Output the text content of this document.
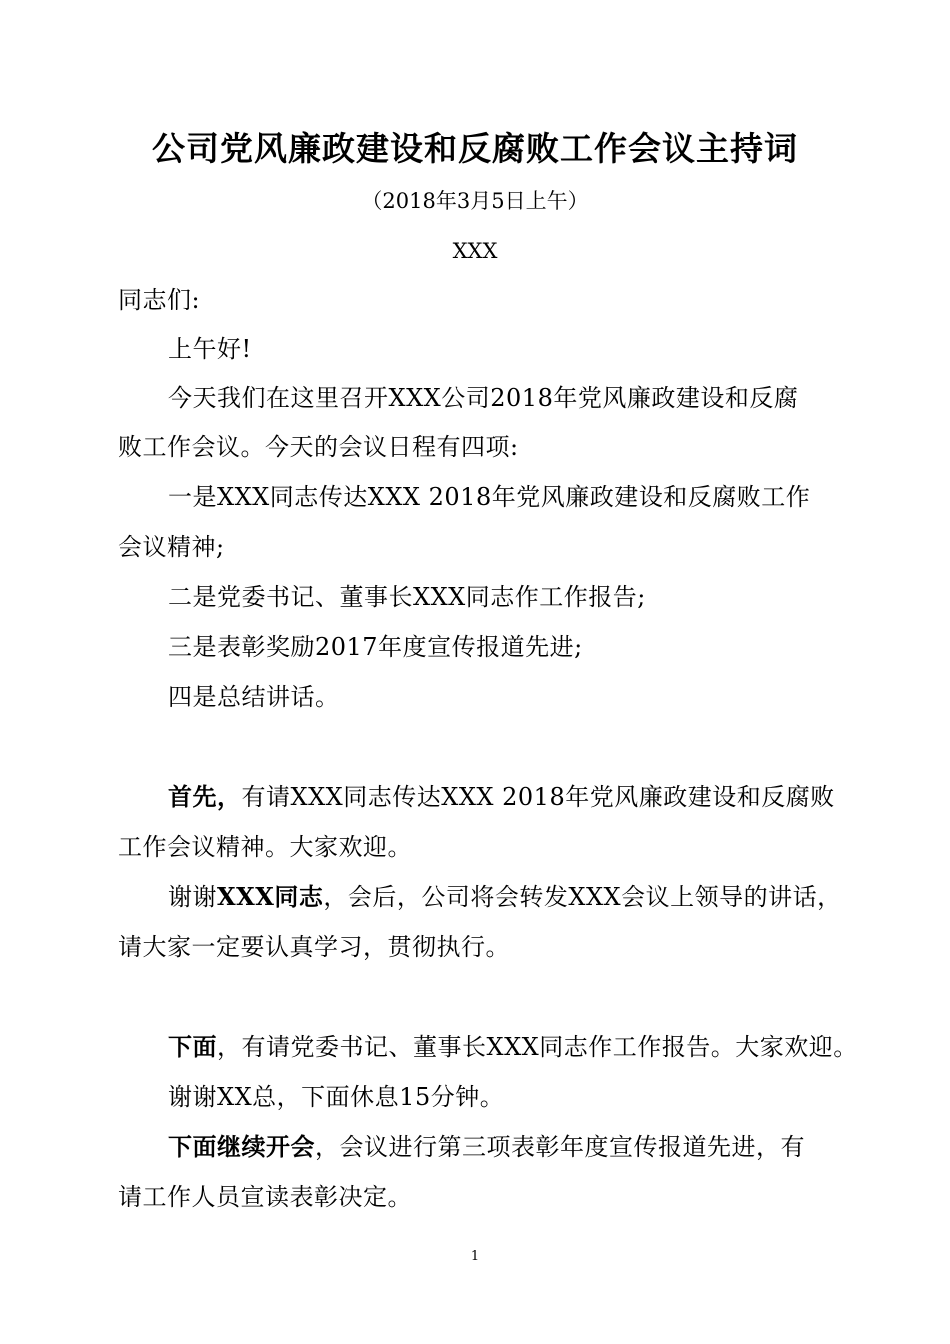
公司党风廉政建设和反腐败工作会议主持词
（2018年3月5日上午）
XXX
同志们:
上午好!
今天我们在这里召开XXX公司2018年党风廉政建设和反腐
败工作会议。今天的会议日程有四项:
一是XXX同志传达XXX 2018年党风廉政建设和反腐败工作
会议精神;
二是党委书记、董事长XXX同志作工作报告;
三是表彰奖励2017年度宣传报道先进;
四是总结讲话。
首先，有请XXX同志传达XXX 2018年党风廉政建设和反腐败
工作会议精神。大家欢迎。
谢谢XXX同志，会后，公司将会转发XXX会议上领导的讲话，
请大家一定要认真学习，贯彻执行。
下面，有请党委书记、董事长XXX同志作工作报告。大家欢迎。
谢谢XX总，下面休息15分钟。
下面继续开会，会议进行第三项表彰年度宣传报道先进，有
请工作人员宣读表彰决定。
1
